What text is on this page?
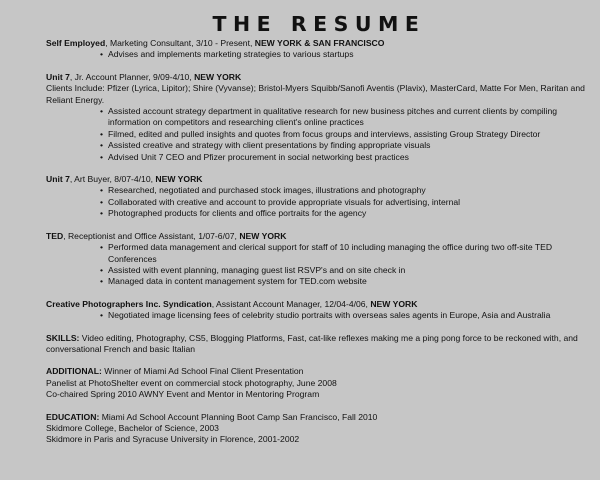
THE RESUME
Self Employed, Marketing Consultant, 3/10 - Present, NEW YORK & SAN FRANCISCO
• Advises and implements marketing strategies to various startups
Unit 7, Jr. Account Planner, 9/09-4/10, NEW YORK
Clients Include: Pfizer (Lyrica, Lipitor); Shire (Vyvanse); Bristol-Myers Squibb/Sanofi Aventis (Plavix), MasterCard, Matte For Men, Raritan and Reliant Energy.
• Assisted account strategy department in qualitative research for new business pitches and current clients by compiling information on competitors and researching client's online practices
• Filmed, edited and pulled insights and quotes from focus groups and interviews, assisting Group Strategy Director
• Assisted creative and strategy with client presentations by finding appropriate visuals
• Advised Unit 7 CEO and Pfizer procurement in social networking best practices
Unit 7, Art Buyer, 8/07-4/10, NEW YORK
• Researched, negotiated and purchased stock images, illustrations and photography
• Collaborated with creative and account to provide appropriate visuals for advertising, internal
• Photographed products for clients and office portraits for the agency
TED, Receptionist and Office Assistant, 1/07-6/07, NEW YORK
• Performed data management and clerical support for staff of 10 including managing the office during two off-site TED Conferences
• Assisted with event planning, managing guest list RSVP's and on site check in
• Managed data in content management system for TED.com website
Creative Photographers Inc. Syndication, Assistant Account Manager, 12/04-4/06, NEW YORK
• Negotiated image licensing fees of celebrity studio portraits with overseas sales agents in Europe, Asia and Australia
SKILLS: Video editing, Photography, CS5, Blogging Platforms, Fast, cat-like reflexes making me a ping pong force to be reckoned with, and conversational French and basic Italian
ADDITIONAL: Winner of Miami Ad School Final Client Presentation
Panelist at PhotoShelter event on commercial stock photography, June 2008
Co-chaired Spring 2010 AWNY Event and Mentor in Mentoring Program
EDUCATION: Miami Ad School Account Planning Boot Camp San Francisco, Fall 2010
Skidmore College, Bachelor of Science, 2003
Skidmore in Paris and Syracuse University in Florence, 2001-2002
